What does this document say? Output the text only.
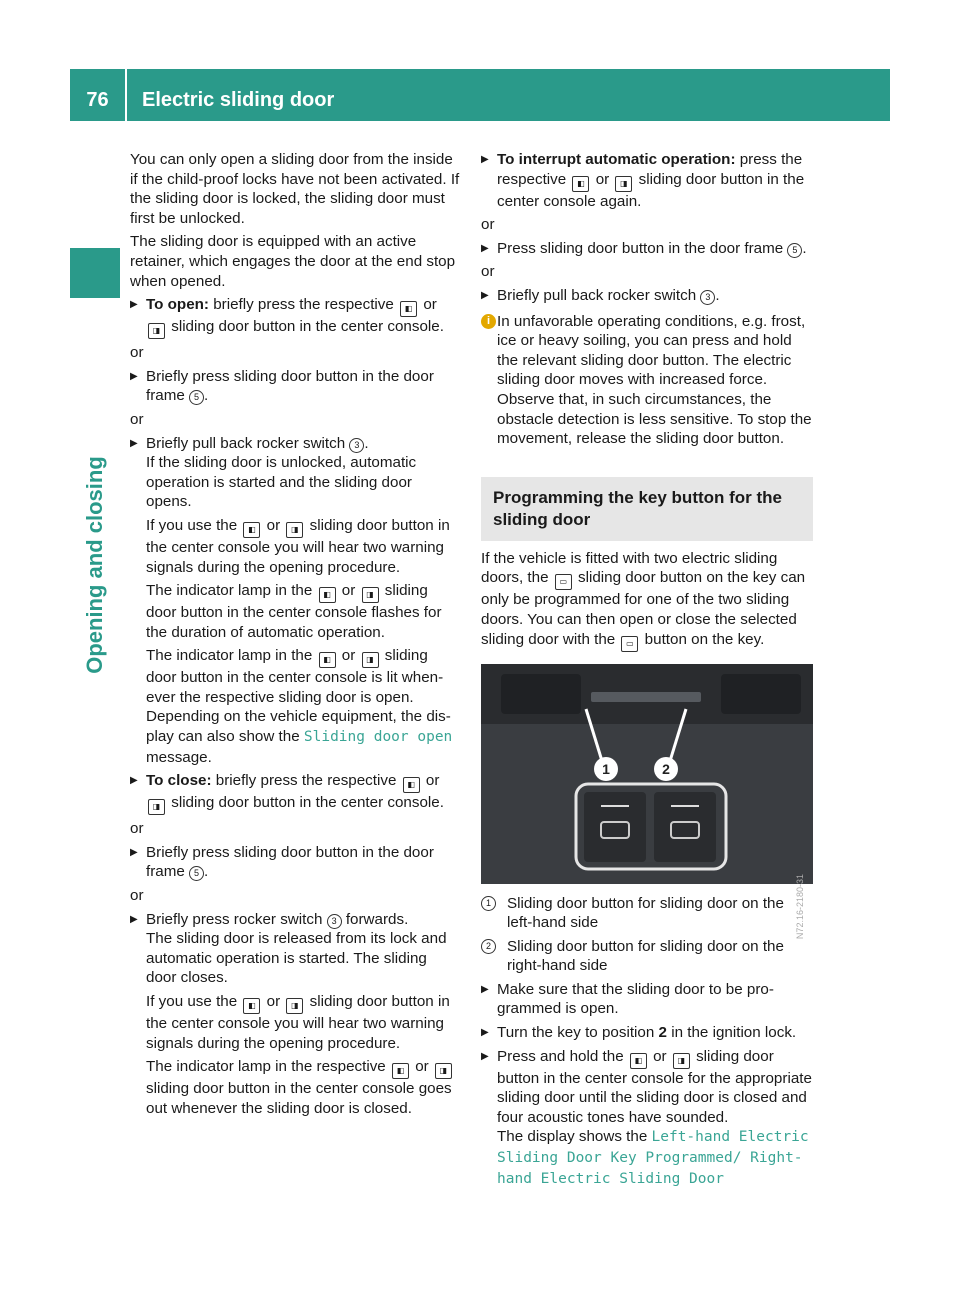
76	Electric sliding door
Opening and closing

You can only open a sliding door from the inside if the child-proof locks have not been activated. If the sliding door is locked, the sliding door must first be unlocked.

The sliding door is equipped with an active retainer, which engages the door at the end stop when opened.

▶ To open: briefly press the respective ◧ or ◨ sliding door button in the center console.
or
▶ Briefly press sliding door button in the door frame 5 .
or
▶ Briefly pull back rocker switch 3 .
If the sliding door is unlocked, automatic operation is started and the sliding door opens.
If you use the ◧ or ◨ sliding door button in the center console you will hear two warning signals during the opening procedure.
The indicator lamp in the ◧ or ◨ sliding door button in the center console flashes for the duration of automatic operation.
The indicator lamp in the ◧ or ◨ sliding door button in the center console is lit whenever the respective sliding door is open. Depending on the vehicle equipment, the display can also show the Sliding door open message.
▶ To close: briefly press the respective ◧ or ◨ sliding door button in the center console.
or
▶ Briefly press sliding door button in the door frame 5 .
or
▶ Briefly press rocker switch 3 forwards.
The sliding door is released from its lock and automatic operation is started. The sliding door closes.
If you use the ◧ or ◨ sliding door button in the center console you will hear two warning signals during the opening procedure.
The indicator lamp in the respective ◧ or ◨ sliding door button in the center console goes out whenever the sliding door is closed.
▶ To interrupt automatic operation: press the respective ◧ or ◨ sliding door button in the center console again.
or
▶ Press sliding door button in the door frame 5 .
or
▶ Briefly pull back rocker switch 3 .
i In unfavorable operating conditions, e.g. frost, ice or heavy soiling, you can press and hold the relevant sliding door button. The electric sliding door moves with increased force. Observe that, in such circumstances, the obstacle detection is less sensitive. To stop the movement, release the sliding door button.
Programming the key button for the sliding door

If the vehicle is fitted with two electric sliding doors, the ▭ sliding door button on the key can only be programmed for one of the two sliding doors. You can then open or close the selected sliding door with the ▭ button on the key.

1	2
N72.16-2180-31
1	Sliding door button for sliding door on the left-hand side
2	Sliding door button for sliding door on the right-hand side
▶ Make sure that the sliding door to be programmed is open.
▶ Turn the key to position 2 in the ignition lock.
▶ Press and hold the ◧ or ◨ sliding door button in the center console for the appropriate sliding door until the sliding door is closed and four acoustic tones have sounded.
The display shows the Left-hand Electric Sliding Door Key Programmed/ Right-hand Electric Sliding Door
